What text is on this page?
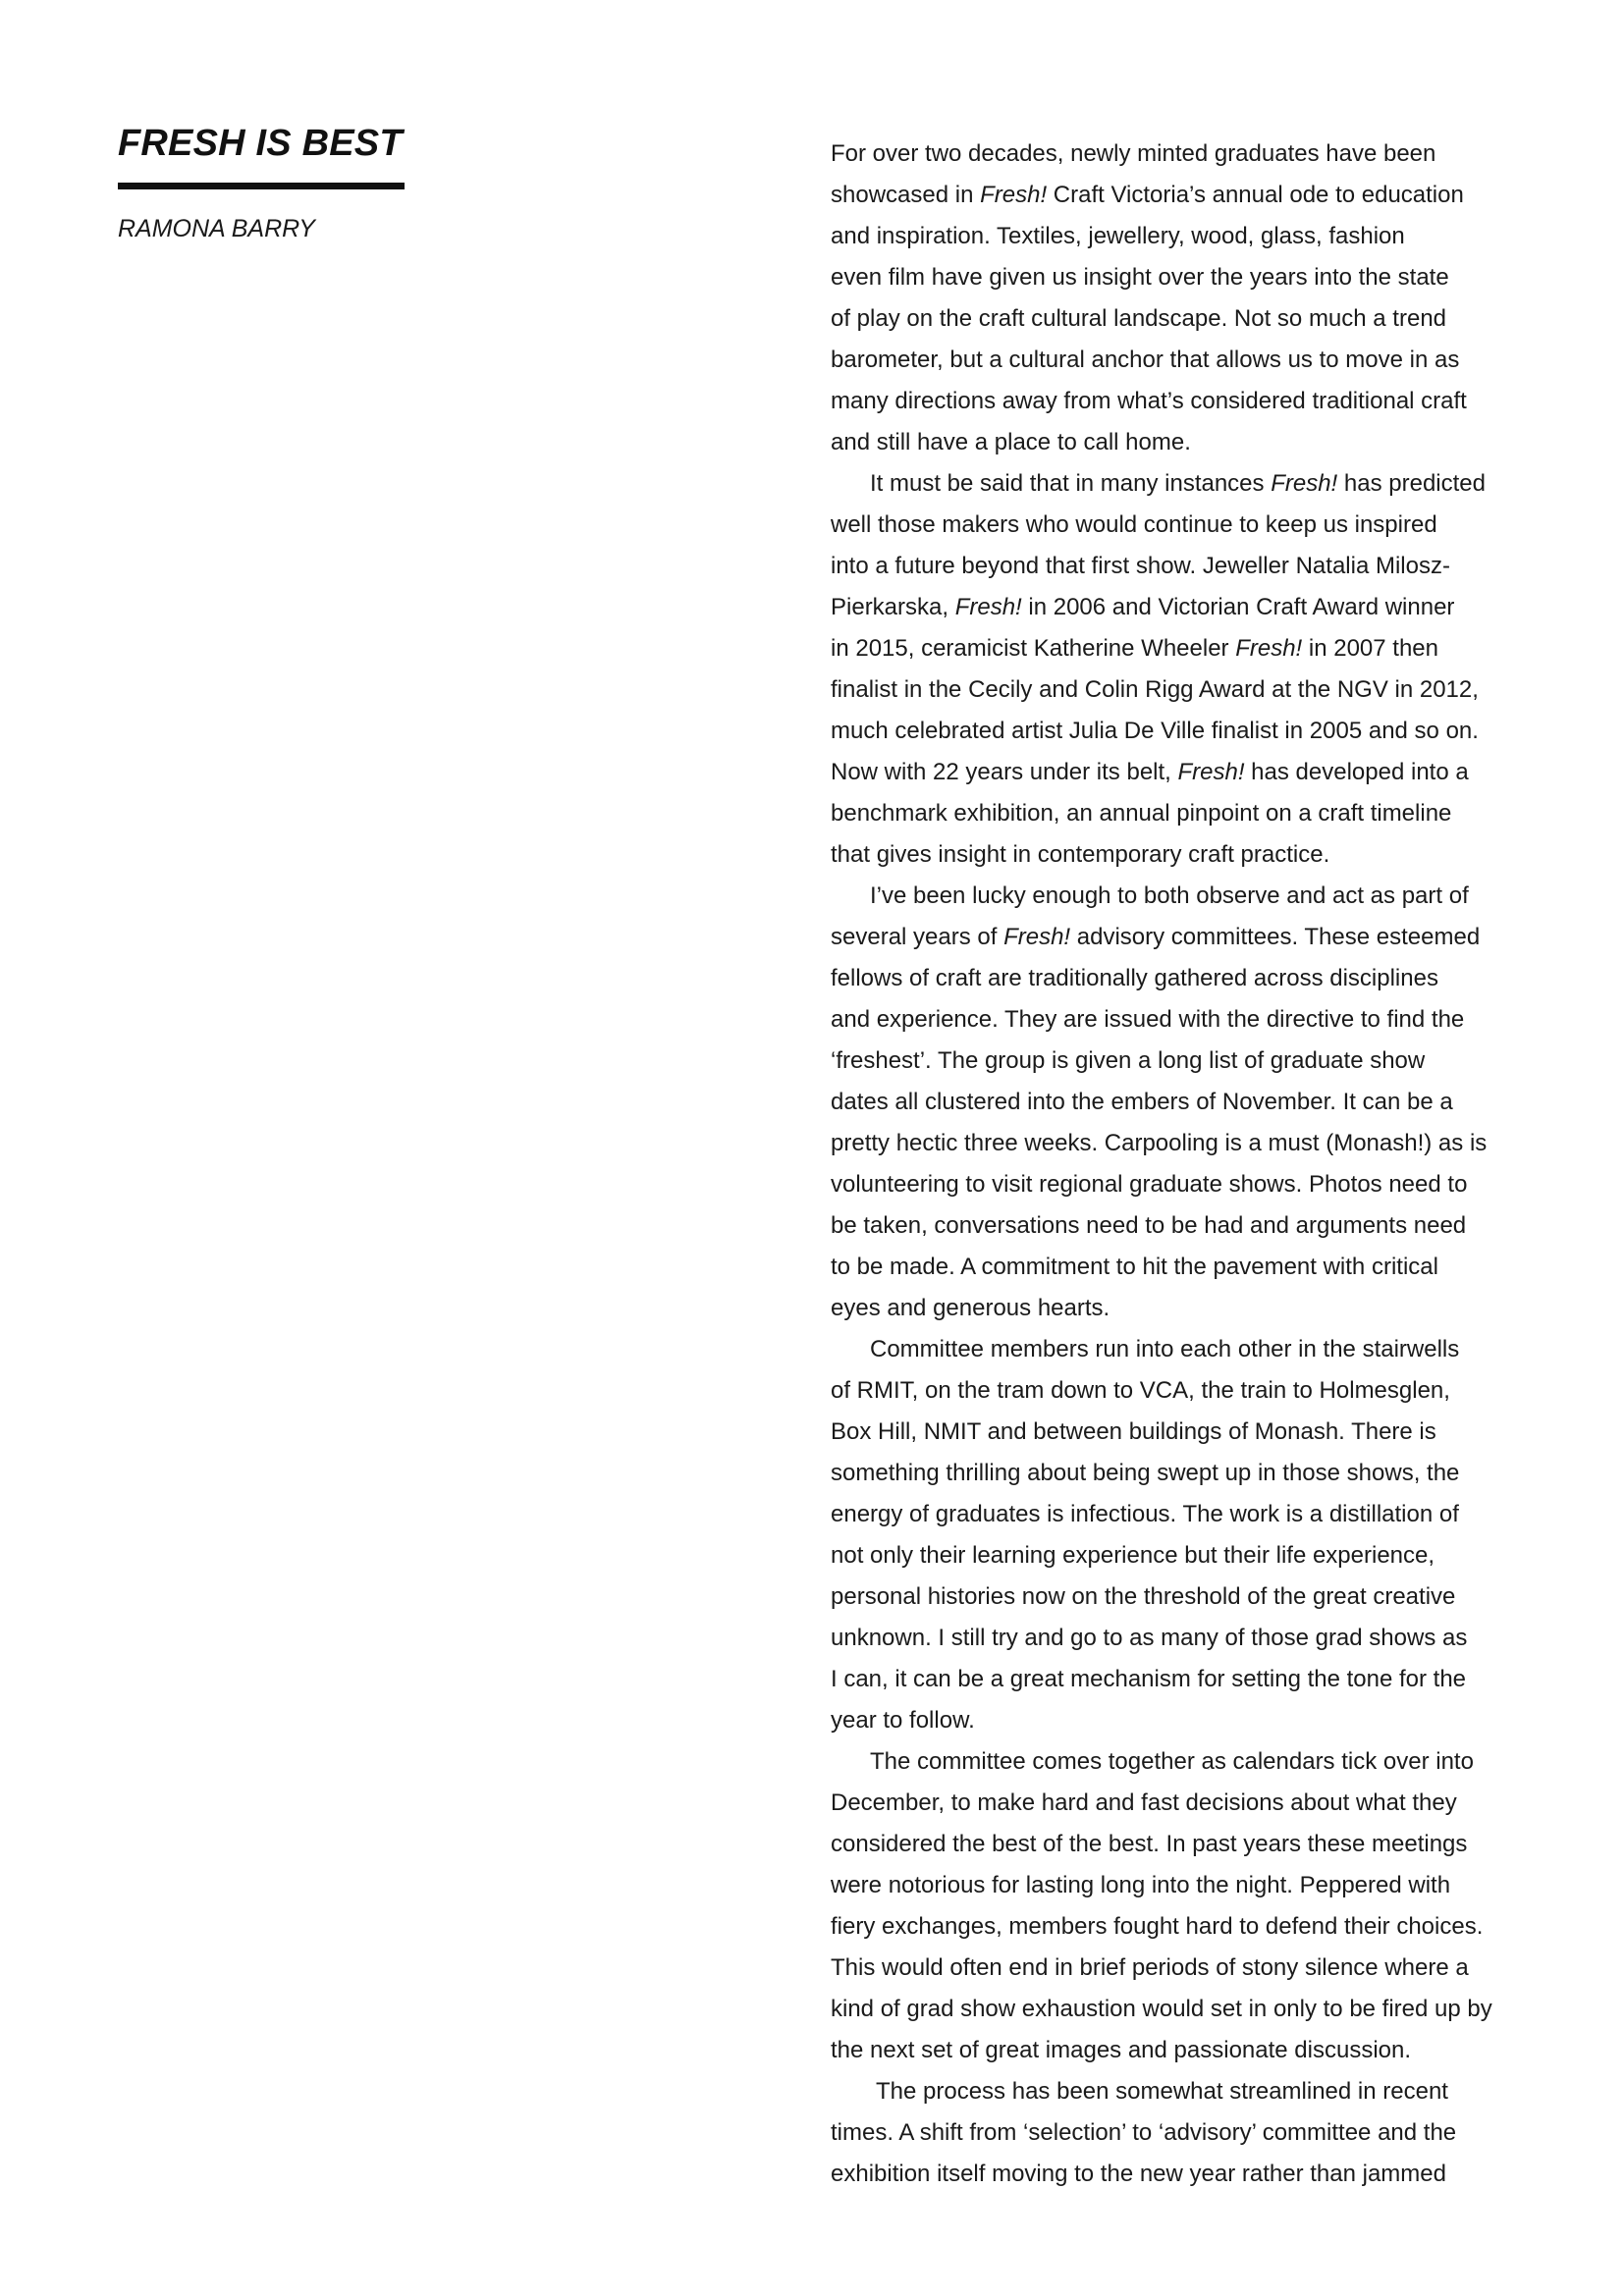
FRESH IS BEST
RAMONA BARRY
For over two decades, newly minted graduates have been
showcased in Fresh! Craft Victoria’s annual ode to education
and inspiration. Textiles, jewellery, wood, glass, fashion
even film have given us insight over the years into the state
of play on the craft cultural landscape. Not so much a trend
barometer, but a cultural anchor that allows us to move in as
many directions away from what’s considered traditional craft
and still have a place to call home.
It must be said that in many instances Fresh! has predicted
well those makers who would continue to keep us inspired
into a future beyond that first show. Jeweller Natalia Milosz-
Pierkarska, Fresh! in 2006 and Victorian Craft Award winner
in 2015, ceramicist Katherine Wheeler Fresh! in 2007 then
finalist in the Cecily and Colin Rigg Award at the NGV in 2012,
much celebrated artist Julia De Ville finalist in 2005 and so on.
Now with 22 years under its belt, Fresh! has developed into a
benchmark exhibition, an annual pinpoint on a craft timeline
that gives insight in contemporary craft practice.
I’ve been lucky enough to both observe and act as part of
several years of Fresh! advisory committees. These esteemed
fellows of craft are traditionally gathered across disciplines
and experience. They are issued with the directive to find the
‘freshest’. The group is given a long list of graduate show
dates all clustered into the embers of November. It can be a
pretty hectic three weeks. Carpooling is a must (Monash!) as is
volunteering to visit regional graduate shows. Photos need to
be taken, conversations need to be had and arguments need
to be made. A commitment to hit the pavement with critical
eyes and generous hearts.
Committee members run into each other in the stairwells
of RMIT, on the tram down to VCA, the train to Holmesglen,
Box Hill, NMIT and between buildings of Monash. There is
something thrilling about being swept up in those shows, the
energy of graduates is infectious. The work is a distillation of
not only their learning experience but their life experience,
personal histories now on the threshold of the great creative
unknown. I still try and go to as many of those grad shows as
I can, it can be a great mechanism for setting the tone for the
year to follow.
The committee comes together as calendars tick over into
December, to make hard and fast decisions about what they
considered the best of the best. In past years these meetings
were notorious for lasting long into the night. Peppered with
fiery exchanges, members fought hard to defend their choices.
This would often end in brief periods of stony silence where a
kind of grad show exhaustion would set in only to be fired up by
the next set of great images and passionate discussion.
The process has been somewhat streamlined in recent
times. A shift from ‘selection’ to ‘advisory’ committee and the
exhibition itself moving to the new year rather than jammed
